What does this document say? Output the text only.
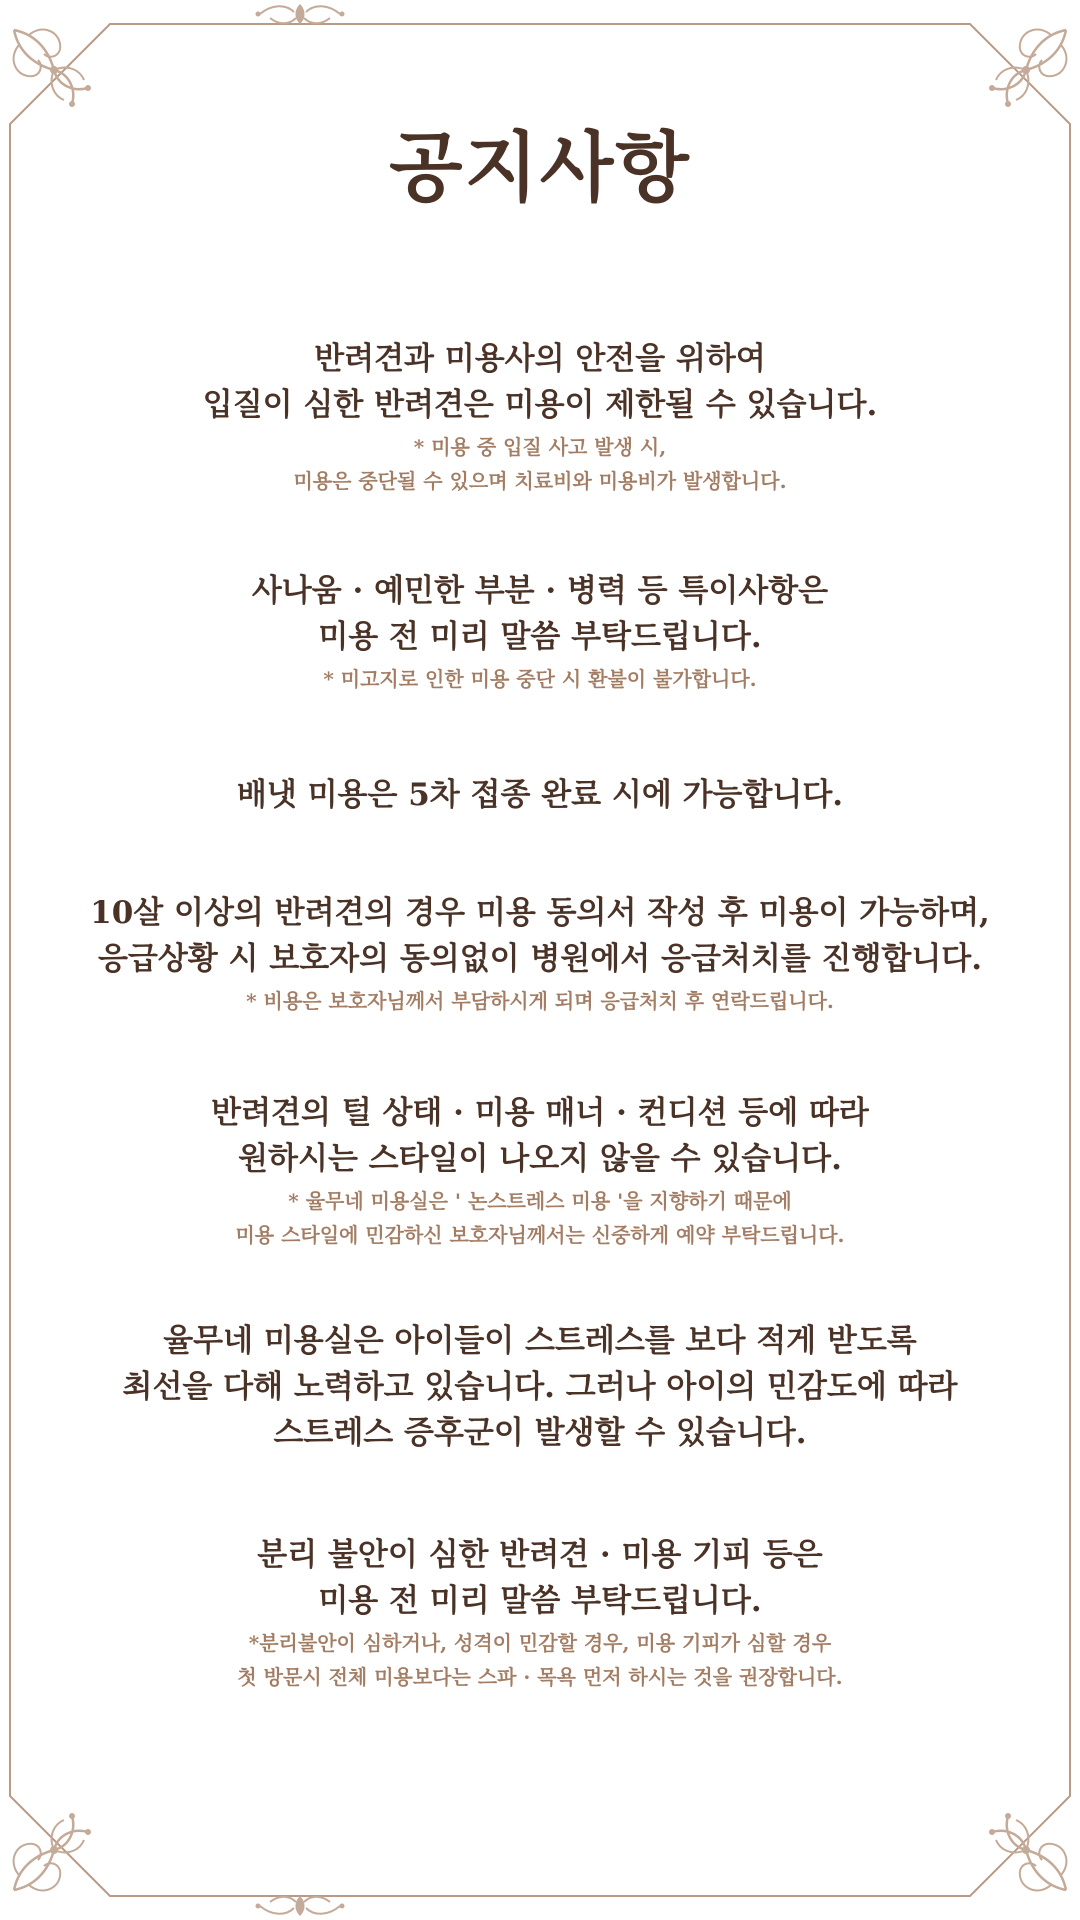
공지사항
반려견과 미용사의 안전을 위하여
입질이 심한 반려견은 미용이 제한될 수 있습니다.
* 미용 중 입질 사고 발생 시,
미용은 중단될 수 있으며 치료비와 미용비가 발생합니다.
사나움 · 예민한 부분 · 병력 등 특이사항은
미용 전 미리 말씀 부탁드립니다.
* 미고지로 인한 미용 중단 시 환불이 불가합니다.
배냇 미용은 5차 접종 완료 시에 가능합니다.
10살 이상의 반려견의 경우 미용 동의서 작성 후 미용이 가능하며,
응급상황 시 보호자의 동의없이 병원에서 응급처치를 진행합니다.
* 비용은 보호자님께서 부담하시게 되며 응급처치 후 연락드립니다.
반려견의 털 상태 · 미용 매너 · 컨디션 등에 따라
원하시는 스타일이 나오지 않을 수 있습니다.
* 율무네 미용실은 ' 논스트레스 미용 '을 지향하기 때문에
미용 스타일에 민감하신 보호자님께서는 신중하게 예약 부탁드립니다.
율무네 미용실은 아이들이 스트레스를 보다 적게 받도록
최선을 다해 노력하고 있습니다. 그러나 아이의 민감도에 따라
스트레스 증후군이 발생할 수 있습니다.
분리 불안이 심한 반려견 · 미용 기피 등은
미용 전 미리 말씀 부탁드립니다.
*분리불안이 심하거나, 성격이 민감할 경우, 미용 기피가 심할 경우
첫 방문시 전체 미용보다는 스파 · 목욕 먼저 하시는 것을 권장합니다.
